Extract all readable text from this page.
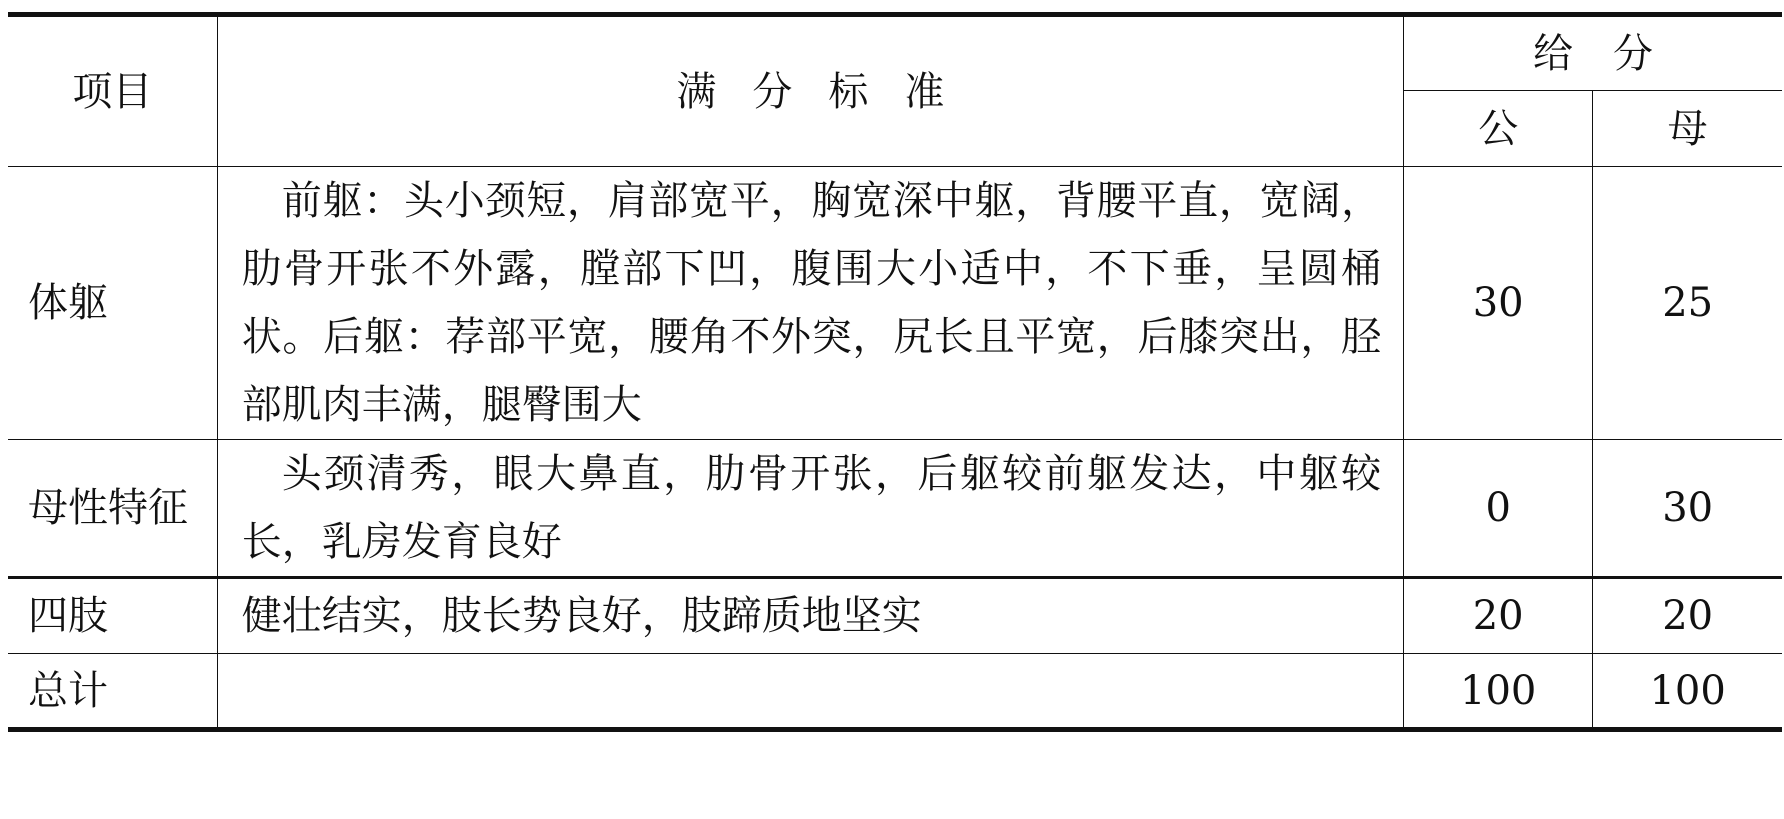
项目	满分标准	给分	
		公	母
体躯	前躯：头小颈短，肩部宽平，胸宽深中躯，背腰平直，宽阔，肋骨开张不外露，膛部下凹，腹围大小适中，不下垂，呈圆桶状。后躯：荐部平宽，腰角不外突，尻长且平宽，后膝突出，胫部肌肉丰满，腿臀围大	30	25
母性特征	头颈清秀，眼大鼻直，肋骨开张，后躯较前躯发达，中躯较长，乳房发育良好	0	30
四肢	健壮结实，肢长势良好，肢蹄质地坚实	20	20
总计		100	100
